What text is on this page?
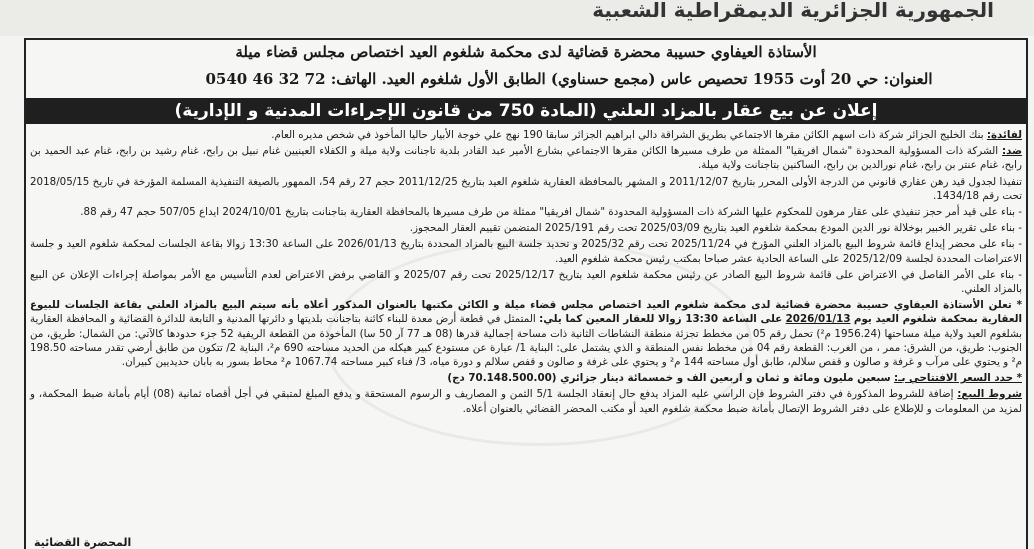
الجمهورية الجزائرية الديمقراطية الشعبية
الأستاذة العيفاوي حسيبة محضرة قضائية لدى محكمة شلغوم العيد اختصاص مجلس قضاء ميلة
العنوان: حي 20 أوت 1955 تحصيص عاس (مجمع حسناوي) الطابق الأول شلغوم العيد. الهاتف: 72 32 46 0540
إعلان عن بيع عقار بالمزاد العلني (المادة 750 من قانون الإجراءات المدنية و الإدارية)

لفائدة: بنك الخليج الجزائر شركة ذات اسهم الكائن مقرها الاجتماعي بطريق الشراقة دالي ابراهيم الجزائر سابقا 190 نهج علي خوجة الأبيار حاليا المأخوذ في شخص مديره العام.

ضد: الشركة ذات المسؤولية المحدودة "شمال افريقيا" الممثلة من طرف مسيرها الكائن مقرها الاجتماعي بشارع الأمير عبد القادر بلدية تاجنانت ولاية ميلة و الكفلاء العينيين غنام نبيل بن رابح، غنام رشيد بن رابح، غنام عبد الحميد بن رابح، غنام عنتر بن رابح، غنام نورالدين بن رابح، الساكنين بتاجنانت ولاية ميلة.

تنفيذا لجدول قيد رهن عقاري قانوني من الدرجة الأولى المحرر بتاريخ 2011/12/07 و المشهر بالمحافظة العقارية شلغوم العيد بتاريخ 2011/12/25 حجم 27 رقم 54، الممهور بالصيغة التنفيذية المسلمة المؤرخة في تاريخ 2018/05/15 تحت رقم 1434/18.

- بناء على قيد أمر حجز تنفيذي على عقار مرهون للمحكوم عليها الشركة ذات المسؤولية المحدودة "شمال افريقيا" ممثلة من طرف مسيرها بالمحافظة العقارية بتاجنانت بتاريخ 2024/10/01 ايداع 507/05 حجم 47 رقم 88.

- بناء على تقرير الخبير بوخلالة نور الدين المودع بمحكمة شلغوم العيد بتاريخ 2025/03/09 تحت رقم 2025/191 المتضمن تقييم العقار المحجوز.

- بناء على محضر إيداع قائمة شروط البيع بالمزاد العلني المؤرخ في 2025/11/24 تحت رقم 2025/32 و تحديد جلسة البيع بالمزاد المحددة بتاريخ 2026/01/13 على الساعة 13:30 زوالا بقاعة الجلسات لمحكمة شلغوم العيد و جلسة الاعتراضات المحددة لجلسة 2025/12/09 على الساعة الحادية عشر صباحا بمكتب رئيس محكمة شلغوم العيد.

- بناء على الأمر الفاصل في الاعتراض على قائمة شروط البيع الصادر عن رئيس محكمة شلغوم العيد بتاريخ 2025/12/17 تحت رقم 2025/07 و القاضي برفض الاعتراض لعدم التأسيس مع الأمر بمواصلة إجراءات الإعلان عن البيع بالمزاد العلني.

* تعلن الأستاذة العيفاوي حسيبة محضرة قضائية لدى محكمة شلغوم العيد اختصاص مجلس قضاء ميلة و الكائن مكتبها بالعنوان المذكور أعلاه بأنه سيتم البيع بالمزاد العلني بقاعة الجلسات للبيوع العقارية بمحكمة شلغوم العيد يوم 2026/01/13 على الساعة 13:30 زوالا للعقار المعين كما يلي: المتمثل في قطعة أرض معدة للبناء كائنة بتاجنانت بلديتها و دائرتها المدنية و التابعة للدائرة القضائية و المحافظة العقارية بشلغوم العيد ولاية ميلة مساحتها (1956.24 م²) تحمل رقم 05 من مخطط تجزئة منطقة النشاطات الثانية ذات مساحة إجمالية قدرها (08 هـ 77 آر 50 سا) المأخوذة من القطعة الريفية 52 جزء حدودها كالآتي: من الشمال: طريق، من الجنوب: طريق، من الشرق: ممر ، من الغرب: القطعة رقم 04 من مخطط نفس المنطقة و الذي يشتمل على: البناية 1/ عبارة عن مستودع كبير هيكله من الحديد مساحته 690 م²، البناية 2/ تتكون من طابق أرضي تقدر مساحته 198.50 م² و يحتوي على مرآب و غرفة و صالون و قفص سلالم، طابق أول مساحته 144 م² و يحتوي على غرفة و صالون و قفص سلالم و دورة مياه، 3/ فناء كبير مساحته 1067.74 م² محاط بسور به بابان حديديين كبيران.

* حدد السعر الافتتاحي بـ: سبعين مليون ومائة و ثمان و اربعين الف و خمسمائة دينار جزائري (70.148.500.00 دج)

شروط البيع: إضافة للشروط المذكورة في دفتر الشروط فإن الراسي عليه المزاد يدفع حال إنعقاد الجلسة 5/1 الثمن و المصاريف و الرسوم المستحقة و يدفع المبلغ لمتبقي في أجل أقصاه ثمانية (08) أيام بأمانة ضبط المحكمة، و لمزيد من المعلومات و للإطلاع على دفتر الشروط الإتصال بأمانة ضبط محكمة شلغوم العيد أو مكتب المحضر القضائي بالعنوان أعلاه.

المحضرة القضائية
